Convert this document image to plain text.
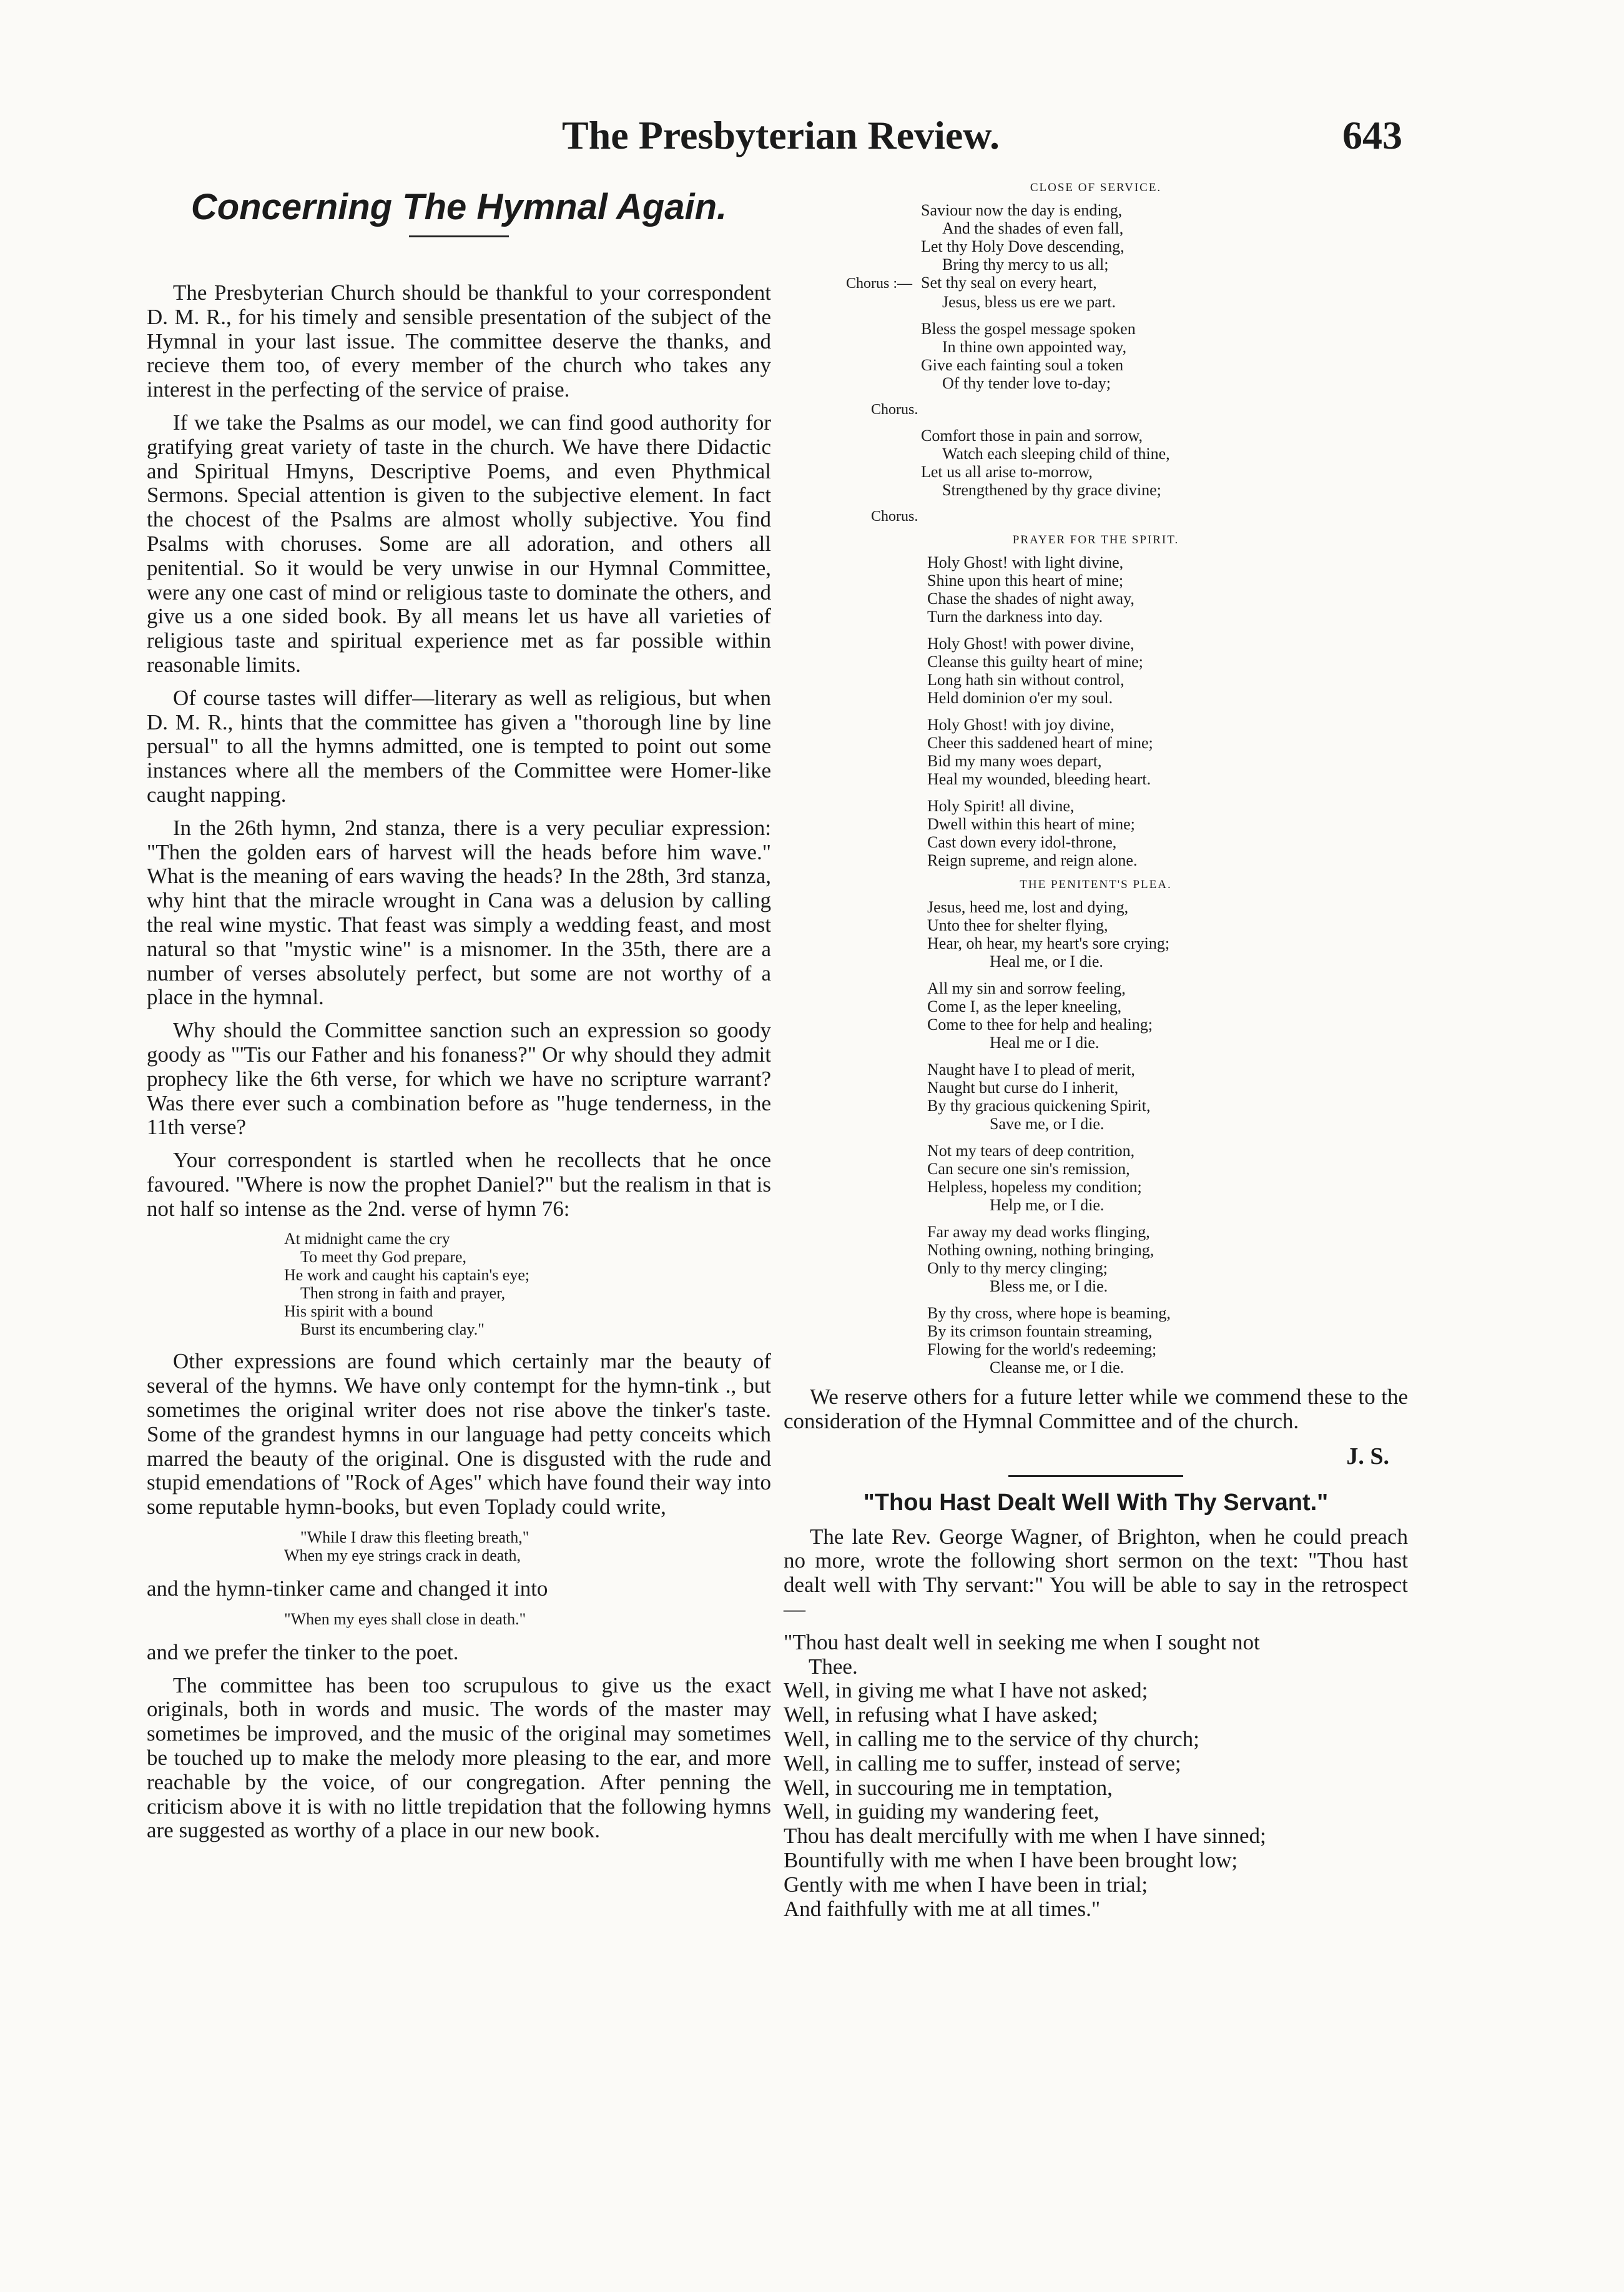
The Presbyterian Review.	643
Concerning The Hymnal Again.

The Presbyterian Church should be thankful to your correspondent D. M. R., for his timely and sensible presentation of the subject of the Hymnal in your last issue. The committee deserve the thanks, and recieve them too, of every member of the church who takes any interest in the perfecting of the service of praise.

If we take the Psalms as our model, we can find good authority for gratifying great variety of taste in the church. We have there Didactic and Spiritual Hmyns, Descriptive Poems, and even Phythmical Sermons. Special attention is given to the subjective element. In fact the chocest of the Psalms are almost wholly subjective. You find Psalms with choruses. Some are all adoration, and others all penitential. So it would be very unwise in our Hymnal Committee, were any one cast of mind or religious taste to dominate the others, and give us a one sided book. By all means let us have all varieties of religious taste and spiritual experience met as far possible within reasonable limits.

Of course tastes will differ—literary as well as religious, but when D. M. R., hints that the committee has given a "thorough line by line persual" to all the hymns admitted, one is tempted to point out some instances where all the members of the Committee were Homer-like caught napping.

In the 26th hymn, 2nd stanza, there is a very peculiar expression: "Then the golden ears of harvest will the heads before him wave." What is the meaning of ears waving the heads? In the 28th, 3rd stanza, why hint that the miracle wrought in Cana was a delusion by calling the real wine mystic. That feast was simply a wedding feast, and most natural so that "mystic wine" is a misnomer. In the 35th, there are a number of verses absolutely perfect, but some are not worthy of a place in the hymnal.

Why should the Committee sanction such an expression so goody goody as "'Tis our Father and his fonaness?" Or why should they admit prophecy like the 6th verse, for which we have no scripture warrant? Was there ever such a combination before as "huge tenderness, in the 11th verse?

Your correspondent is startled when he recollects that he once favoured. "Where is now the prophet Daniel?" but the realism in that is not half so intense as the 2nd. verse of hymn 76:

At midnight came the cry
To meet thy God prepare,
He work and caught his captain's eye;
Then strong in faith and prayer,
His spirit with a bound
Burst its encumbering clay."

Other expressions are found which certainly mar the beauty of several of the hymns. We have only contempt for the hymn-tink ., but sometimes the original writer does not rise above the tinker's taste. Some of the grandest hymns in our language had petty conceits which marred the beauty of the original. One is disgusted with the rude and stupid emendations of "Rock of Ages" which have found their way into some reputable hymn-books, but even Toplady could write,

"While I draw this fleeting breath,"
When my eye strings crack in death,

and the hymn-tinker came and changed it into

"When my eyes shall close in death."

and we prefer the tinker to the poet.

The committee has been too scrupulous to give us the exact originals, both in words and music. The words of the master may sometimes be improved, and the music of the original may sometimes be touched up to make the melody more pleasing to the ear, and more reachable by the voice, of our congregation. After penning the criticism above it is with no little trepidation that the following hymns are suggested as worthy of a place in our new book.

CLOSE OF SERVICE.
Saviour now the day is ending,
And the shades of even fall,
Let thy Holy Dove descending,
Bring thy mercy to us all;
Chorus :— Set thy seal on every heart,
Jesus, bless us ere we part.
Bless the gospel message spoken
In thine own appointed way,
Give each fainting soul a token
Of thy tender love to-day;
Chorus.
Comfort those in pain and sorrow,
Watch each sleeping child of thine,
Let us all arise to-morrow,
Strengthened by thy grace divine;
Chorus.
PRAYER FOR THE SPIRIT.
Holy Ghost! with light divine,
Shine upon this heart of mine;
Chase the shades of night away,
Turn the darkness into day.
Holy Ghost! with power divine,
Cleanse this guilty heart of mine;
Long hath sin without control,
Held dominion o'er my soul.
Holy Ghost! with joy divine,
Cheer this saddened heart of mine;
Bid my many woes depart,
Heal my wounded, bleeding heart.
Holy Spirit! all divine,
Dwell within this heart of mine;
Cast down every idol-throne,
Reign supreme, and reign alone.
THE PENITENT'S PLEA.
Jesus, heed me, lost and dying,
Unto thee for shelter flying,
Hear, oh hear, my heart's sore crying;
Heal me, or I die.
All my sin and sorrow feeling,
Come I, as the leper kneeling,
Come to thee for help and healing;
Heal me or I die.
Naught have I to plead of merit,
Naught but curse do I inherit,
By thy gracious quickening Spirit,
Save me, or I die.
Not my tears of deep contrition,
Can secure one sin's remission,
Helpless, hopeless my condition;
Help me, or I die.
Far away my dead works flinging,
Nothing owning, nothing bringing,
Only to thy mercy clinging;
Bless me, or I die.
By thy cross, where hope is beaming,
By its crimson fountain streaming,
Flowing for the world's redeeming;
Cleanse me, or I die.

We reserve others for a future letter while we commend these to the consideration of the Hymnal Committee and of the church.

J. S.
"Thou Hast Dealt Well With Thy Servant."

The late Rev. George Wagner, of Brighton, when he could preach no more, wrote the following short sermon on the text: "Thou hast dealt well with Thy servant:" You will be able to say in the retrospect—

"Thou hast dealt well in seeking me when I sought not
Thee.
Well, in giving me what I have not asked;
Well, in refusing what I have asked;
Well, in calling me to the service of thy church;
Well, in calling me to suffer, instead of serve;
Well, in succouring me in temptation,
Well, in guiding my wandering feet,
Thou has dealt mercifully with me when I have sinned;
Bountifully with me when I have been brought low;
Gently with me when I have been in trial;
And faithfully with me at all times."
